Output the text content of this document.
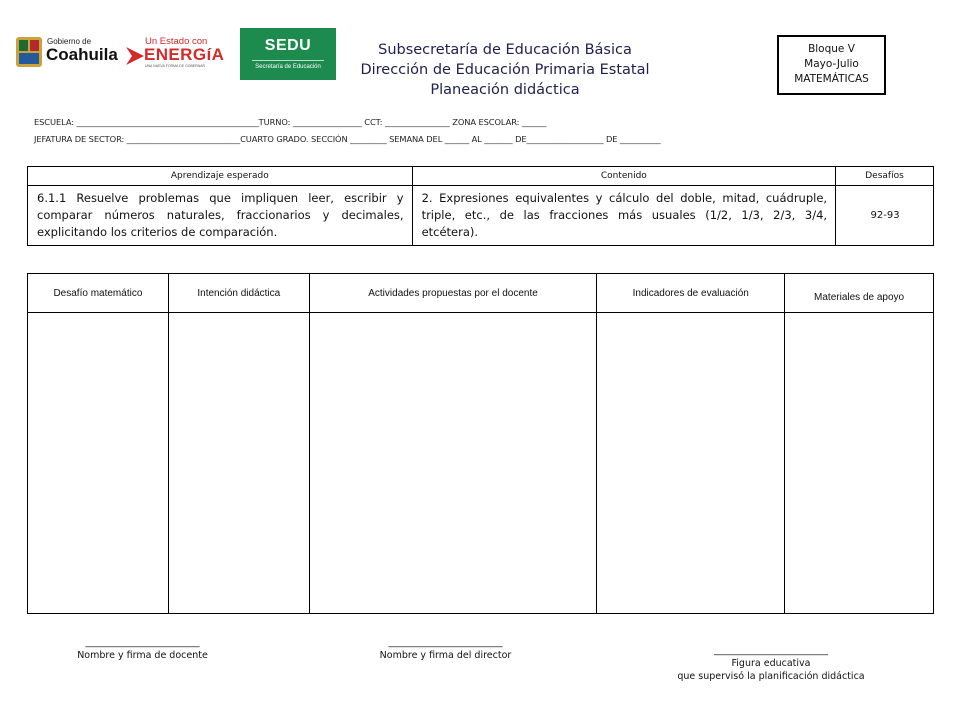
Gobierno de
Coahuila
Un Estado con
ENERGíA
UNA NUEVA FORMA DE GOBERNAR
SEDU
Secretaría de Educación
Subsecretaría de Educación Básica
Dirección de Educación Primaria Estatal
Planeación didáctica
Bloque V
Mayo-Julio
MATEMÁTICAS
ESCUELA: _____________________________________________TURNO: _________________ CCT: ________________ ZONA ESCOLAR: ______
JEFATURA DE SECTOR: ____________________________CUARTO GRADO. SECCIÓN _________ SEMANA DEL ______ AL _______ DE___________________ DE __________
Aprendizaje esperado	Contenido	Desafíos
6.1.1 Resuelve problemas que impliquen leer, escribir y comparar números naturales, fraccionarios y decimales, explicitando los criterios de comparación.	2. Expresiones equivalentes y cálculo del doble, mitad, cuádruple, triple, etc., de las fracciones más usuales (1/2, 1/3, 2/3, 3/4, etcétera).	92-93
Desafío matemático	Intención didáctica	Actividades propuestas por el docente	Indicadores de evaluación	Materiales de apoyo

________________________
Nombre y firma de docente
________________________
Nombre y firma del director	________________________
Figura educativa
que supervisó la planificación didáctica
